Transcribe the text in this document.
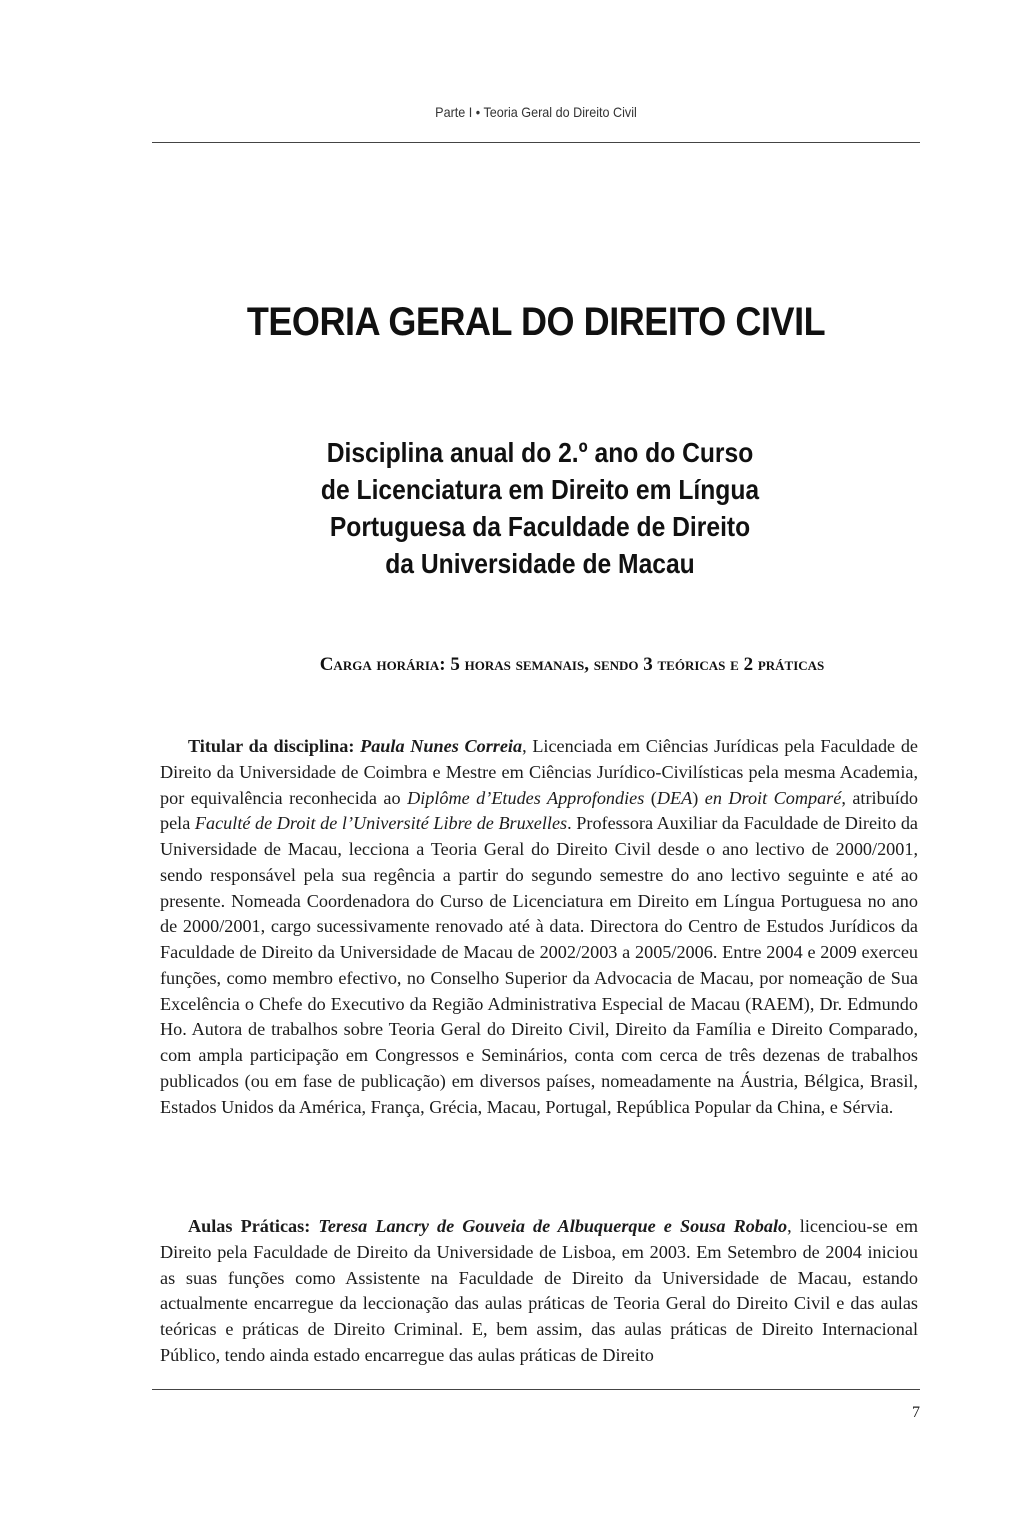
Parte I • Teoria Geral do Direito Civil
TEORIA GERAL DO DIREITO CIVIL
Disciplina anual do 2.º ano do Curso
de Licenciatura em Direito em Língua
Portuguesa da Faculdade de Direito
da Universidade de Macau

Carga horária: 5 horas semanais, sendo 3 teóricas e 2 práticas

Titular da disciplina: Paula Nunes Correia, Licenciada em Ciências Jurídicas pela Faculdade de Direito da Universidade de Coimbra e Mestre em Ciências Jurídico-Civilísticas pela mesma Academia, por equivalência reconhecida ao Diplôme d’Etudes Approfondies (DEA) en Droit Comparé, atribuído pela Faculté de Droit de l’Université Libre de Bruxelles. Professora Auxiliar da Faculdade de Direito da Universidade de Macau, lecciona a Teoria Geral do Direito Civil desde o ano lectivo de 2000/2001, sendo responsável pela sua regência a partir do segundo semestre do ano lectivo seguinte e até ao presente. Nomeada Coordenadora do Curso de Licenciatura em Direito em Língua Portuguesa no ano de 2000/2001, cargo sucessivamente renovado até à data. Directora do Centro de Estudos Jurídicos da Faculdade de Direito da Universidade de Macau de 2002/2003 a 2005/2006. Entre 2004 e 2009 exerceu funções, como membro efectivo, no Conselho Superior da Advocacia de Macau, por nomeação de Sua Excelência o Chefe do Executivo da Região Administrativa Especial de Macau (RAEM), Dr. Edmundo Ho. Autora de trabalhos sobre Teoria Geral do Direito Civil, Direito da Família e Direito Comparado, com ampla participação em Congressos e Seminários, conta com cerca de três dezenas de trabalhos publicados (ou em fase de publicação) em diversos países, nomeadamente na Áustria, Bélgica, Brasil, Estados Unidos da América, França, Grécia, Macau, Portugal, República Popular da China, e Sérvia.

Aulas Práticas: Teresa Lancry de Gouveia de Albuquerque e Sousa Robalo, licenciou-se em Direito pela Faculdade de Direito da Universidade de Lisboa, em 2003. Em Setembro de 2004 iniciou as suas funções como Assistente na Faculdade de Direito da Universidade de Macau, estando actualmente encarregue da leccionação das aulas práticas de Teoria Geral do Direito Civil e das aulas teóricas e práticas de Direito Criminal. E, bem assim, das aulas práticas de Direito Internacional Público, tendo ainda estado encarregue das aulas práticas de Direito

7
